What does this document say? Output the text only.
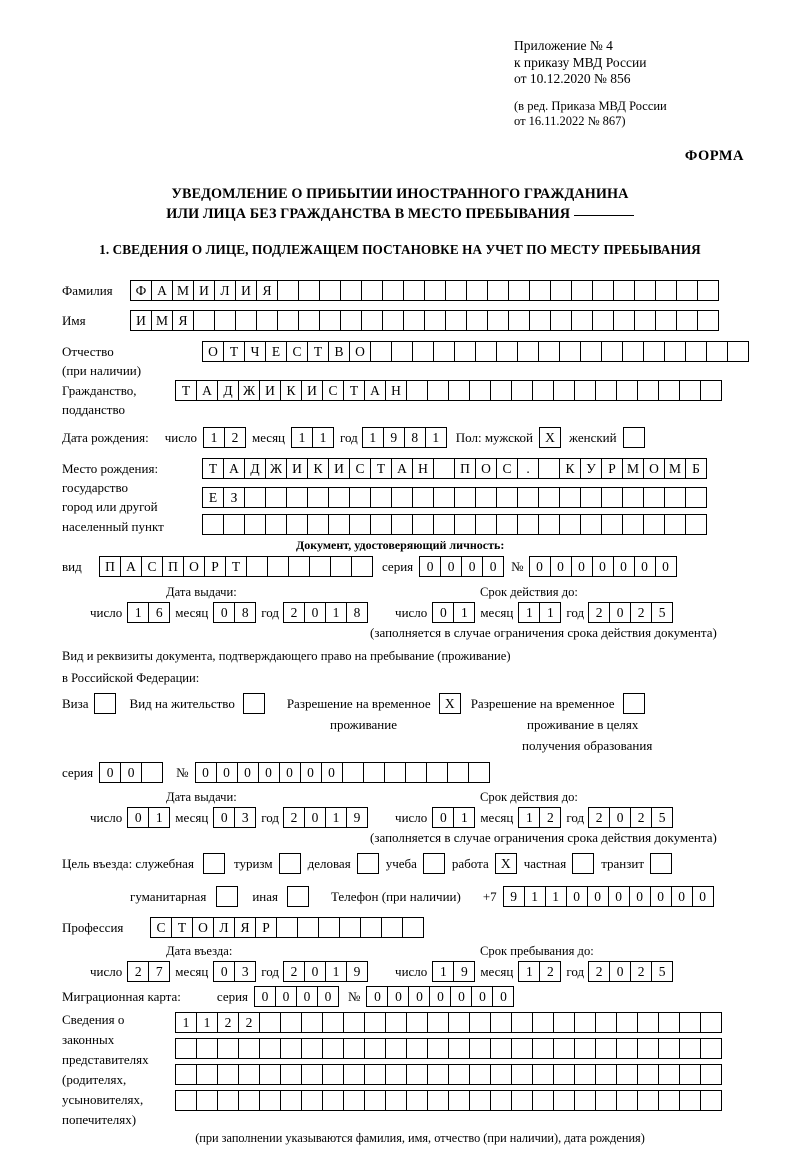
Приложение № 4
к приказу МВД России
от 10.12.2020 № 856
(в ред. Приказа МВД России
от 16.11.2022 № 867)
ФОРМА
УВЕДОМЛЕНИЕ О ПРИБЫТИИ ИНОСТРАННОГО ГРАЖДАНИНА
ИЛИ ЛИЦА БЕЗ ГРАЖДАНСТВА В МЕСТО ПРЕБЫВАНИЯ
1. СВЕДЕНИЯ О ЛИЦЕ, ПОДЛЕЖАЩЕМ ПОСТАНОВКЕ НА УЧЕТ ПО МЕСТУ ПРЕБЫВАНИЯ
Фамилия	Ф А М И Л И Я
Имя	И М Я
Отчество	О Т Ч Е С Т В О
(при наличии)
Гражданство,	Т А Д Ж И К И С Т А Н
подданство
Дата рождения: число	1	2	месяц	1	1	год 1	9	8	1	Пол: мужской X	женский
Место рождения:	Т А Д Ж И К И С Т А Н	П О С	.	К У Р М О М Б
государство
Е З
город или другой
населенный пункт
Документ, удостоверяющий личность:
вид	П А С П О Р Т	серия	0	0	0	0	№ 0	0	0	0	0	0	0
Дата выдачи:	Срок действия до:
число 1	6 месяц 0	8 год 2	0	1	8	число 0	1 месяц 1	1 год 2	0	2	5
(заполняется в случае ограничения срока действия документа)
Вид и реквизиты документа, подтверждающего право на пребывание (проживание)
в Российской Федерации:
Виза	Вид на жительство	Разрешение на временное	X	Разрешение на временное
проживание	проживание в целях
получения образования
серия	0	0	№	0	0	0	0	0	0	0
Дата выдачи:	Срок действия до:
число 0	1 месяц 0	3 год 2	0	1	9	число 0	1 месяц 1	2 год 2	0	2	5
(заполняется в случае ограничения срока действия документа)
Цель въезда: служебная	туризм	деловая	учеба	работа X	частная	транзит
гуманитарная	иная	Телефон (при наличии) +7	9	1	1	0	0	0	0	0	0	0
Профессия	С Т О Л Я Р
Дата въезда:	Срок пребывания до:
число 2	7 месяц 0	3 год 2	0	1	9	число 1	9 месяц 1	2 год 2	0	2	5
Миграционная карта:	серия	0	0	0	0	№	0	0	0	0	0	0	0
Сведения о
законных
представителях
(родителях,
усыновителях,
попечителях)
1	1	2	2
(при заполнении указываются фамилия, имя, отчество (при наличии), дата рождения)
